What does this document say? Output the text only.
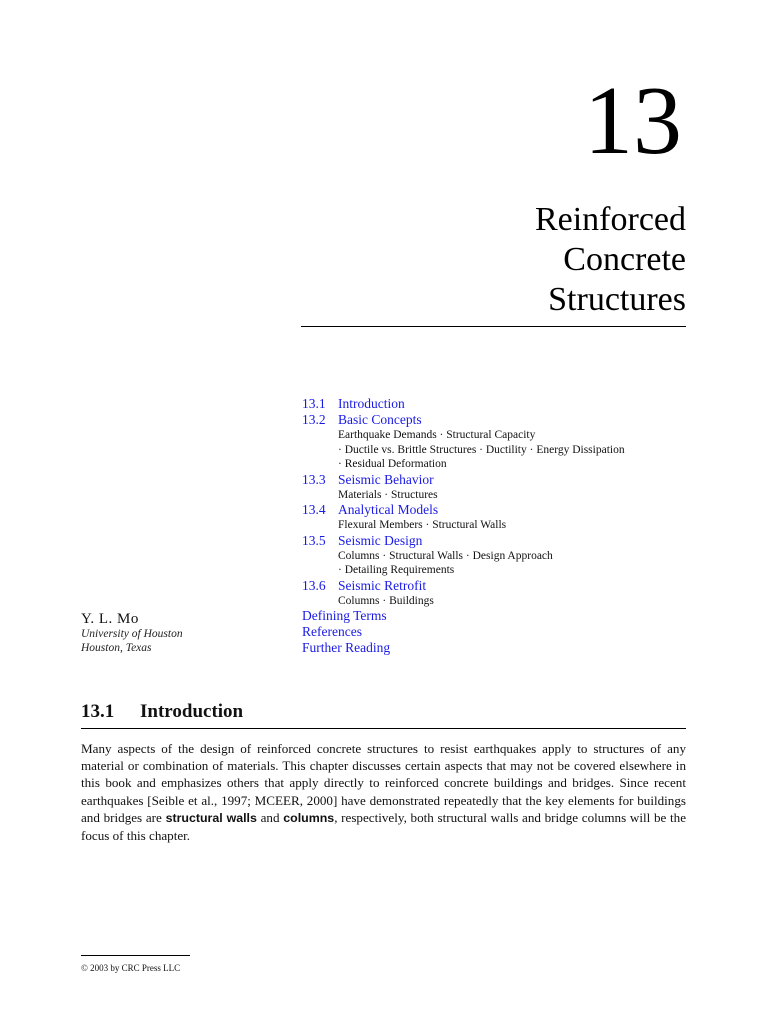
13
Reinforced
Concrete
Structures
13.1 Introduction
13.2 Basic Concepts
Earthquake Demands · Structural Capacity
· Ductile vs. Brittle Structures · Ductility · Energy Dissipation
· Residual Deformation
13.3 Seismic Behavior
Materials · Structures
13.4 Analytical Models
Flexural Members · Structural Walls
13.5 Seismic Design
Columns · Structural Walls · Design Approach
· Detailing Requirements
13.6 Seismic Retrofit
Columns · Buildings
Defining Terms
References
Further Reading
Y. L. Mo
University of Houston
Houston, Texas
13.1 Introduction

Many aspects of the design of reinforced concrete structures to resist earthquakes apply to structures of any material or combination of materials. This chapter discusses certain aspects that may not be covered elsewhere in this book and emphasizes others that apply directly to reinforced concrete buildings and bridges. Since recent earthquakes [Seible et al., 1997; MCEER, 2000] have demonstrated repeatedly that the key elements for buildings and bridges are structural walls and columns, respectively, both structural walls and bridge columns will be the focus of this chapter.

© 2003 by CRC Press LLC
